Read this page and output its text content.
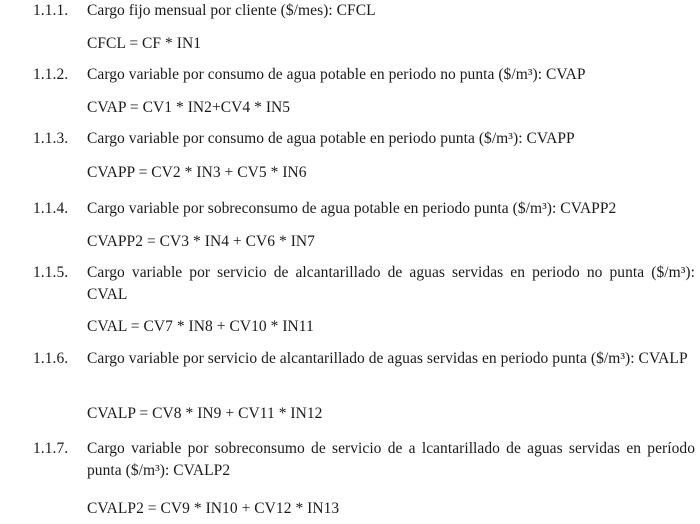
1.1.1. Cargo fijo mensual por cliente ($/mes): CFCL
CFCL = CF * IN1
1.1.2. Cargo variable por consumo de agua potable en periodo no punta ($/m³): CVAP
CVAP = CV1 * IN2+CV4 * IN5
1.1.3. Cargo variable por consumo de agua potable en periodo punta ($/m³): CVAPP
CVAPP = CV2 * IN3 + CV5 * IN6
1.1.4. Cargo variable por sobreconsumo de agua potable en periodo punta ($/m³): CVAPP2
CVAPP2 = CV3 * IN4 + CV6 * IN7
1.1.5. Cargo variable por servicio de alcantarillado de aguas servidas en periodo no punta ($/m³): CVAL
CVAL = CV7 * IN8 + CV10 * IN11
1.1.6. Cargo variable por servicio de alcantarillado de aguas servidas en periodo punta ($/m³): CVALP
CVALP = CV8 * IN9 + CV11 * IN12
1.1.7. Cargo variable por sobreconsumo de servicio de a lcantarillado de aguas servidas en período punta ($/m³): CVALP2
CVALP2 = CV9 * IN10 + CV12 * IN13
